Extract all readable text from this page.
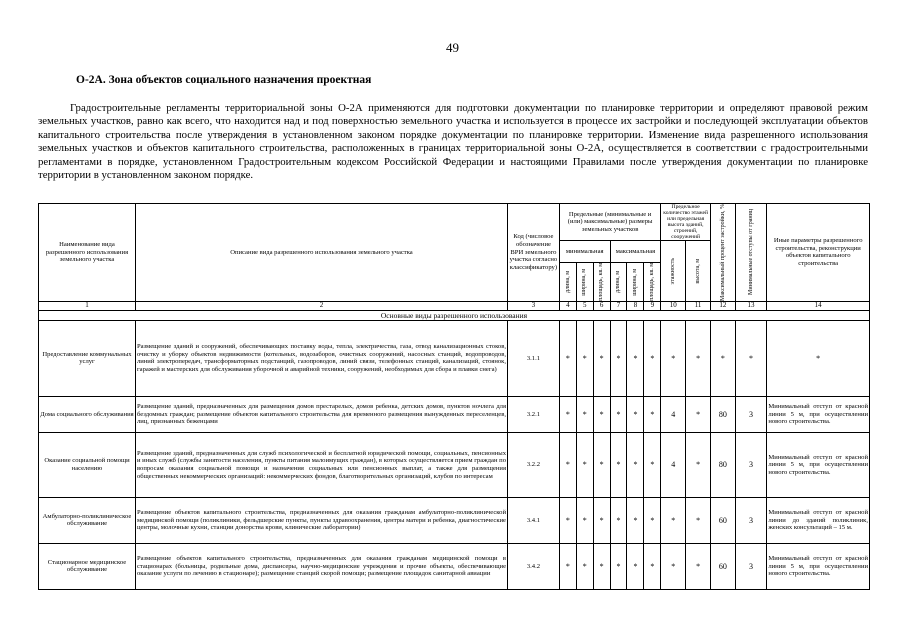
49
О-2А. Зона объектов социального назначения проектная

Градостроительные регламенты территориальной зоны О-2А применяются для подготовки документации по планировке территории и определяют правовой режим земельных участков, равно как всего, что находится над и под поверхностью земельного участка и используется в процессе их застройки и последующей эксплуатации объектов капитального строительства после утверждения в установленном законом порядке документации по планировке территории. Изменение вида разрешенного использования земельных участков и объектов капитального строительства, расположенных в границах территориальной зоны О-2А, осуществляется в соответствии с градостроительными регламентами в порядке, установленном Градостроительным кодексом Российской Федерации и настоящими Правилами после утверждения документации по планировке территории в установленном законом порядке.

Наименование вида разрешенного использования земельного участка	Описание вида разрешенного использования земельного участка	Код (числовое обозначение ВРИ земельного участка согласно классификатору)	Предельные (минимальные и (или) максимальные) размеры земельных участков						Предельное количество этажей или предельная высота зданий, строений, сооружений		Максимальный процент застройки, %	Минимальные отступы от границ	Иные параметры разрешенного строительства, реконструкции объектов капитального строительства
			минимальная			максимальная			этажность	высота, м			

			длина, м	ширина, м	площадь, кв. м	длина, м	ширина, м	площадь, кв. м					

1	2	3	4	5	6	7	8	9	10	11	12	13	14
Основные виды разрешенного использования													
Предоставление коммунальных услуг	Размещение зданий и сооружений, обеспечивающих поставку воды, тепла, электричества, газа, отвод канализационных стоков, очистку и уборку объектов недвижимости (котельных, водозаборов, очистных сооружений, насосных станций, водопроводов, линий электропередач, трансформаторных подстанций, газопроводов, линий связи, телефонных станций, канализаций, стоянок, гаражей и мастерских для обслуживания уборочной и аварийной техники, сооружений, необходимых для сбора и плавки снега)	3.1.1	*	*	*	*	*	*	*	*	*	*	*
Дома социального обслуживания	Размещение зданий, предназначенных для размещения домов престарелых, домов ребенка, детских домов, пунктов ночлега для бездомных граждан; размещение объектов капитального строительства для временного размещения вынужденных переселенцев, лиц, признанных беженцами	3.2.1	*	*	*	*	*	*	4	*	80	3	Минимальный отступ от красной линии 5 м, при осуществлении нового строительства.
Оказание социальной помощи населению	Размещение зданий, предназначенных для служб психологической и бесплатной юридической помощи, социальных, пенсионных и иных служб (службы занятости населения, пункты питания малоимущих граждан), в которых осуществляется прием граждан по вопросам оказания социальной помощи и назначения социальных или пенсионных выплат, а также для размещения общественных некоммерческих организаций: некоммерческих фондов, благотворительных организаций, клубов по интересам	3.2.2	*	*	*	*	*	*	4	*	80	3	Минимальный отступ от красной линии 5 м, при осуществлении нового строительства.
Амбулаторно-поликлиническое обслуживание	Размещение объектов капитального строительства, предназначенных для оказания гражданам амбулаторно-поликлинической медицинской помощи (поликлиники, фельдшерские пункты, пункты здравоохранения, центры матери и ребенка, диагностические центры, молочные кухни, станции донорства крови, клинические лаборатории)	3.4.1	*	*	*	*	*	*	*	*	60	3	Минимальный отступ от красной линии до зданий поликлиник, женских консультаций – 15 м.
Стационарное медицинское обслуживание	Размещение объектов капитального строительства, предназначенных для оказания гражданам медицинской помощи в стационарах (больницы, родильные дома, диспансеры, научно-медицинские учреждения и прочие объекты, обеспечивающие оказание услуги по лечению в стационаре); размещение станций скорой помощи; размещение площадок санитарной авиации	3.4.2	*	*	*	*	*	*	*	*	60	3	Минимальный отступ от красной линии 5 м, при осуществлении нового строительства.
